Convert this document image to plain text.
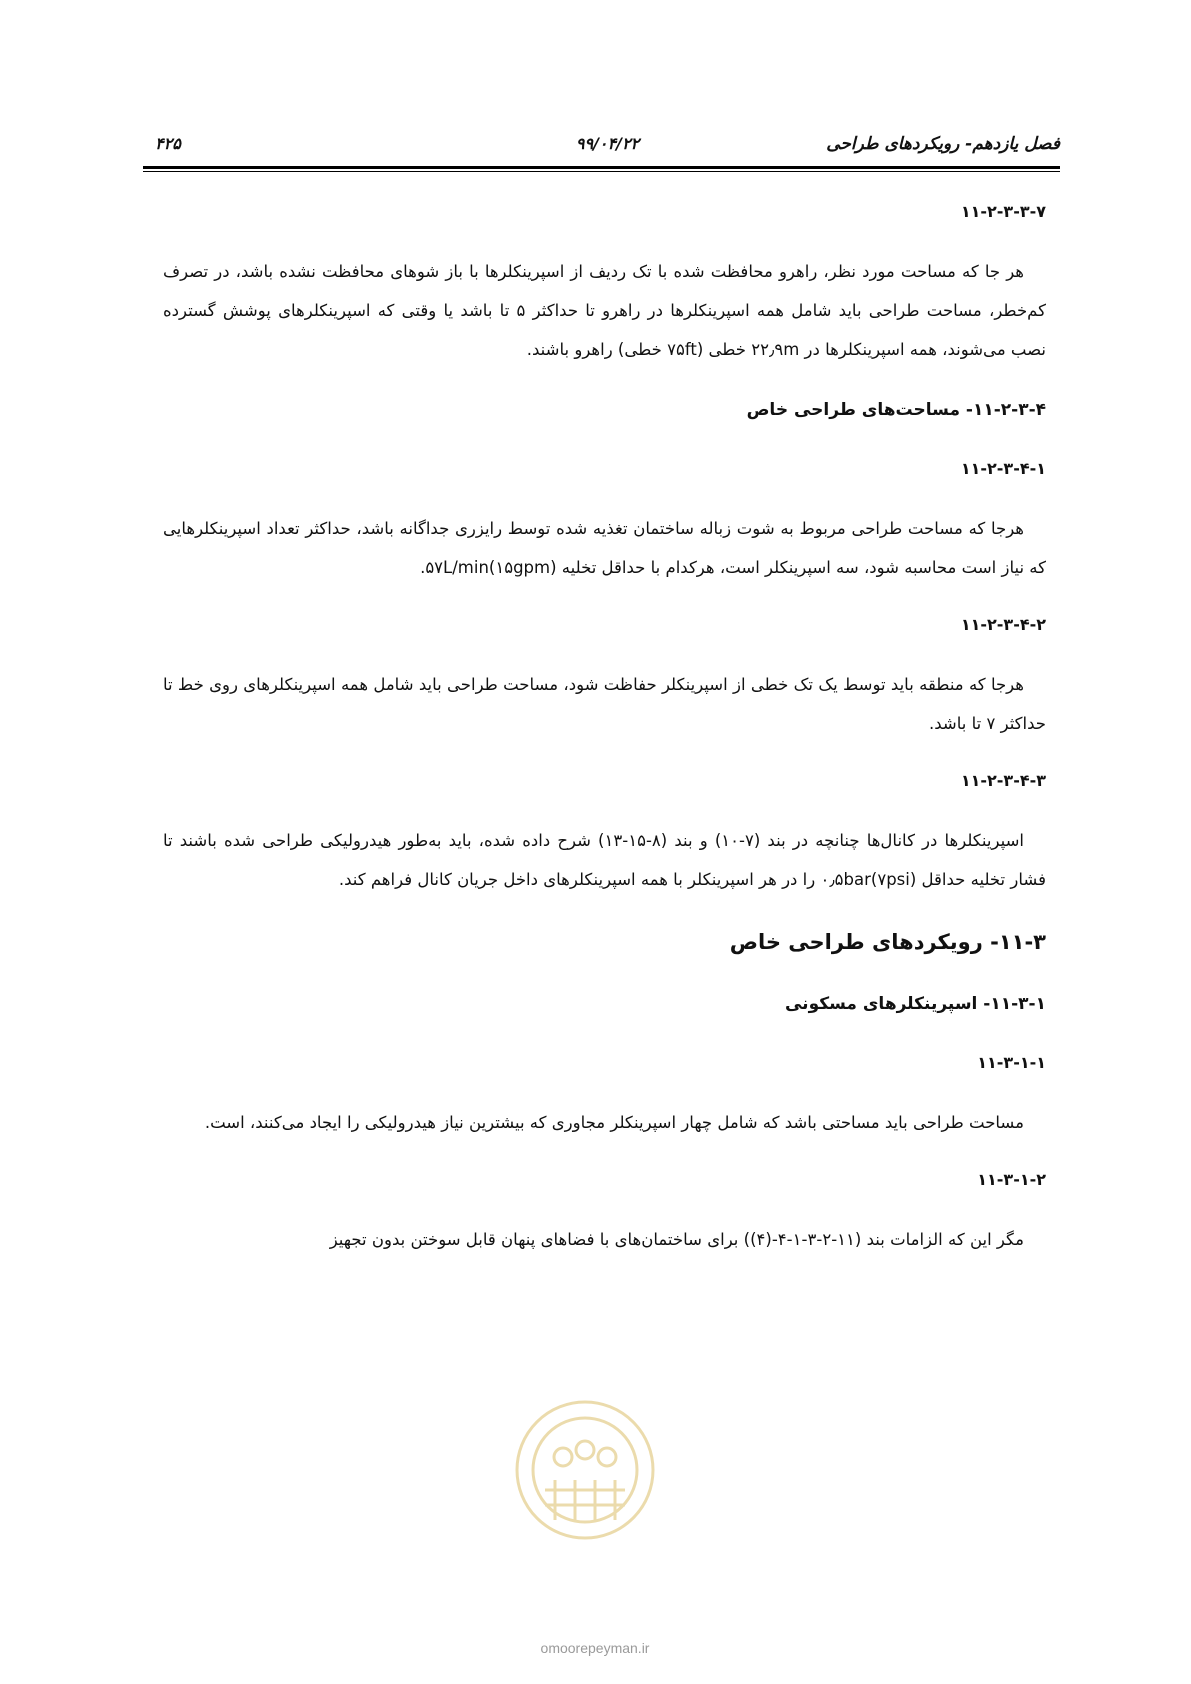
فصل یازدهم- رویکردهای طراحی
۹۹/۰۴/۲۲
۴۲۵
۱۱-۲-۳-۳-۷
هر جا که مساحت مورد نظر، راهرو محافظت شده با تک ردیف از اسپرینکلرها با باز شوهای محافظت نشده باشد، در تصرف کم‌خطر، مساحت طراحی باید شامل همه اسپرینکلرها در راهرو تا حداکثر ۵ تا باشد یا وقتی که اسپرینکلرهای پوشش گسترده نصب می‌شوند، همه اسپرینکلرها در ۲۲٫۹m خطی (۷۵ft خطی) راهرو باشند.
۱۱-۲-۳-۴- مساحت‌های طراحی خاص
۱۱-۲-۳-۴-۱
هرجا که مساحت طراحی مربوط به شوت زباله ساختمان تغذیه شده توسط رایزری جداگانه باشد، حداکثر تعداد اسپرینکلرهایی که نیاز است محاسبه شود، سه اسپرینکلر است، هرکدام با حداقل تخلیه ۵۷L/min(۱۵gpm).
۱۱-۲-۳-۴-۲
هرجا که منطقه باید توسط یک تک خطی از اسپرینکلر حفاظت شود، مساحت طراحی باید شامل همه اسپرینکلرهای روی خط تا حداکثر ۷ تا باشد.
۱۱-۲-۳-۴-۳
اسپرینکلرها در کانال‌ها چنانچه در بند (۷-۱۰) و بند (۸-۱۵-۱۳) شرح داده شده، باید به‌طور هیدرولیکی طراحی شده باشند تا فشار تخلیه حداقل ۰٫۵bar(۷psi) را در هر اسپرینکلر با همه اسپرینکلرهای داخل جریان کانال فراهم کند.
۱۱-۳- رویکردهای طراحی خاص
۱۱-۳-۱- اسپرینکلرهای مسکونی
۱۱-۳-۱-۱
مساحت طراحی باید مساحتی باشد که شامل چهار اسپرینکلر مجاوری که بیشترین نیاز هیدرولیکی را ایجاد می‌کنند، است.
۱۱-۳-۱-۲
مگر این که الزامات بند (۱۱-۲-۳-۱-۴-(۴)) برای ساختمان‌های با فضاهای پنهان قابل سوختن بدون تجهیز
omoorepeyman.ir
